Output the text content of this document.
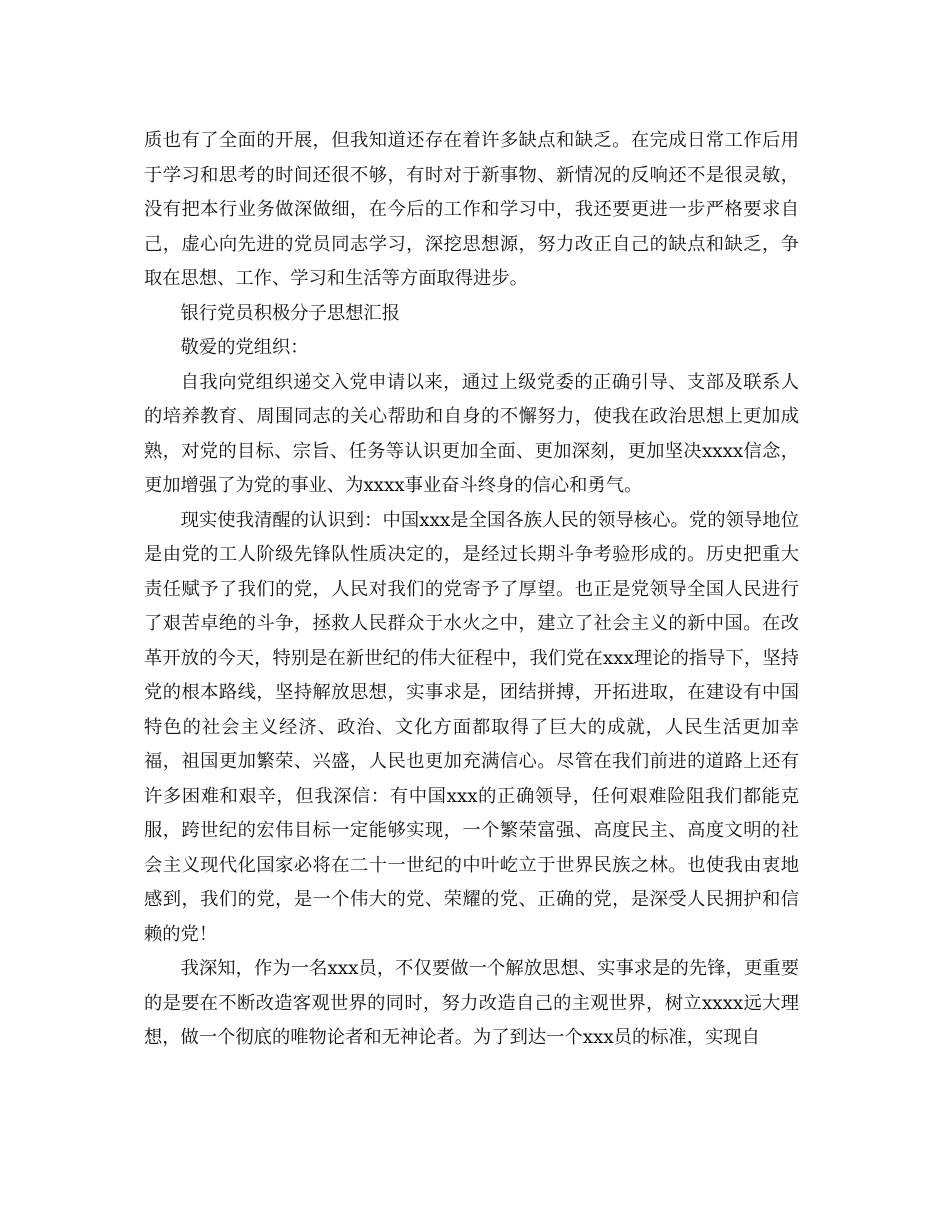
质也有了全面的开展，但我知道还存在着许多缺点和缺乏。在完成日常工作后用于学习和思考的时间还很不够，有时对于新事物、新情况的反响还不是很灵敏，没有把本行业务做深做细，在今后的工作和学习中，我还要更进一步严格要求自己，虚心向先进的党员同志学习，深挖思想源，努力改正自己的缺点和缺乏，争取在思想、工作、学习和生活等方面取得进步。

银行党员积极分子思想汇报

敬爱的党组织：

自我向党组织递交入党申请以来，通过上级党委的正确引导、支部及联系人的培养教育、周围同志的关心帮助和自身的不懈努力，使我在政治思想上更加成熟，对党的目标、宗旨、任务等认识更加全面、更加深刻，更加坚决xxxx信念，更加增强了为党的事业、为xxxx事业奋斗终身的信心和勇气。

现实使我清醒的认识到：中国xxx是全国各族人民的领导核心。党的领导地位是由党的工人阶级先锋队性质决定的，是经过长期斗争考验形成的。历史把重大责任赋予了我们的党，人民对我们的党寄予了厚望。也正是党领导全国人民进行了艰苦卓绝的斗争，拯救人民群众于水火之中，建立了社会主义的新中国。在改革开放的今天，特别是在新世纪的伟大征程中，我们党在xxx理论的指导下，坚持党的根本路线，坚持解放思想，实事求是，团结拼搏，开拓进取，在建设有中国特色的社会主义经济、政治、文化方面都取得了巨大的成就，人民生活更加幸福，祖国更加繁荣、兴盛，人民也更加充满信心。尽管在我们前进的道路上还有许多困难和艰辛，但我深信：有中国xxx的正确领导，任何艰难险阻我们都能克服，跨世纪的宏伟目标一定能够实现，一个繁荣富强、高度民主、高度文明的社会主义现代化国家必将在二十一世纪的中叶屹立于世界民族之林。也使我由衷地感到，我们的党，是一个伟大的党、荣耀的党、正确的党，是深受人民拥护和信赖的党！

我深知，作为一名xxx员，不仅要做一个解放思想、实事求是的先锋，更重要的是要在不断改造客观世界的同时，努力改造自己的主观世界，树立xxxx远大理想，做一个彻底的唯物论者和无神论者。为了到达一个xxx员的标准，实现自
